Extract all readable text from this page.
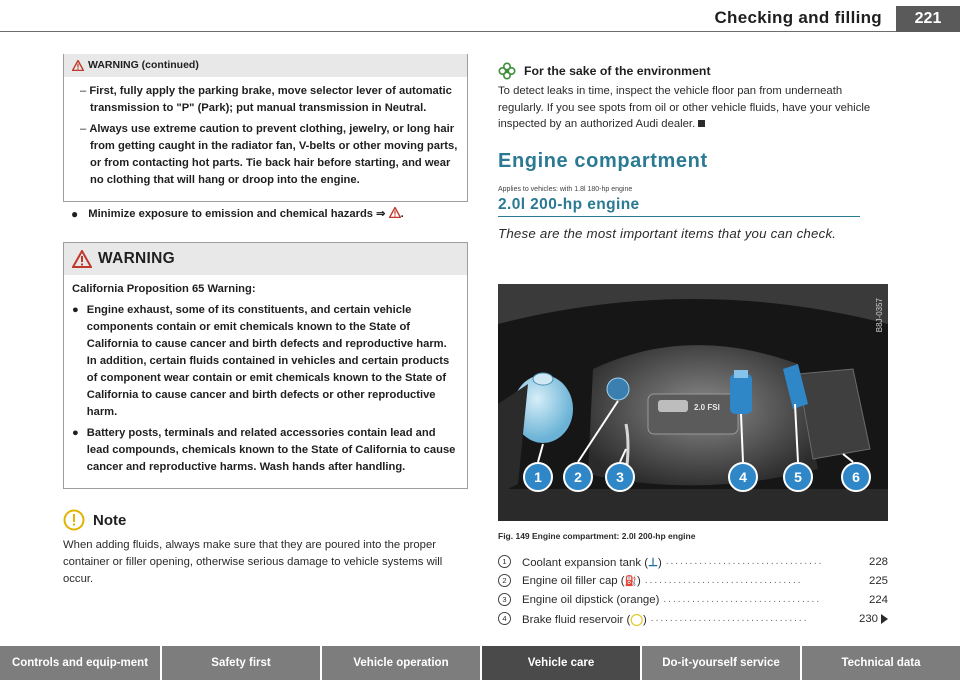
Checking and filling	221
WARNING (continued)
– First, fully apply the parking brake, move selector lever of automatic transmission to "P" (Park); put manual transmission in Neutral.
– Always use extreme caution to prevent clothing, jewelry, or long hair from getting caught in the radiator fan, V-belts or other moving parts, or from contacting hot parts. Tie back hair before starting, and wear no clothing that will hang or droop into the engine.
● Minimize exposure to emission and chemical hazards ⇒ .
WARNING

California Proposition 65 Warning:

● Engine exhaust, some of its constituents, and certain vehicle components contain or emit chemicals known to the State of California to cause cancer and birth defects and reproductive harm. In addition, certain fluids contained in vehicles and certain products of component wear contain or emit chemicals known to the State of California to cause cancer and birth defects or other reproductive harm.

● Battery posts, terminals and related accessories contain lead and lead compounds, chemicals known to the State of California to cause cancer and reproductive harms. Wash hands after handling.

Note
When adding fluids, always make sure that they are poured into the proper container or filler opening, otherwise serious damage to vehicle systems will occur.
For the sake of the environment
To detect leaks in time, inspect the vehicle floor pan from underneath regularly. If you see spots from oil or other vehicle fluids, have your vehicle inspected by an authorized Audi dealer.
Engine compartment
Applies to vehicles: with 1.8l 180-hp engine
2.0l 200-hp engine
These are the most important items that you can check.
2.0 FSI
1 2 3	4	5	6
B8J-0357
Fig. 149 Engine compartment: 2.0l 200-hp engine
1	Coolant expansion tank (⊥) .................................	228
2	Engine oil filler cap (⛽) .................................	225
3	Engine oil dipstick (orange) .................................	224
4	Brake fluid reservoir (◯) .................................	230
Controls and equip-ment	Safety first	Vehicle operation	Vehicle care	Do-it-yourself service	Technical data
